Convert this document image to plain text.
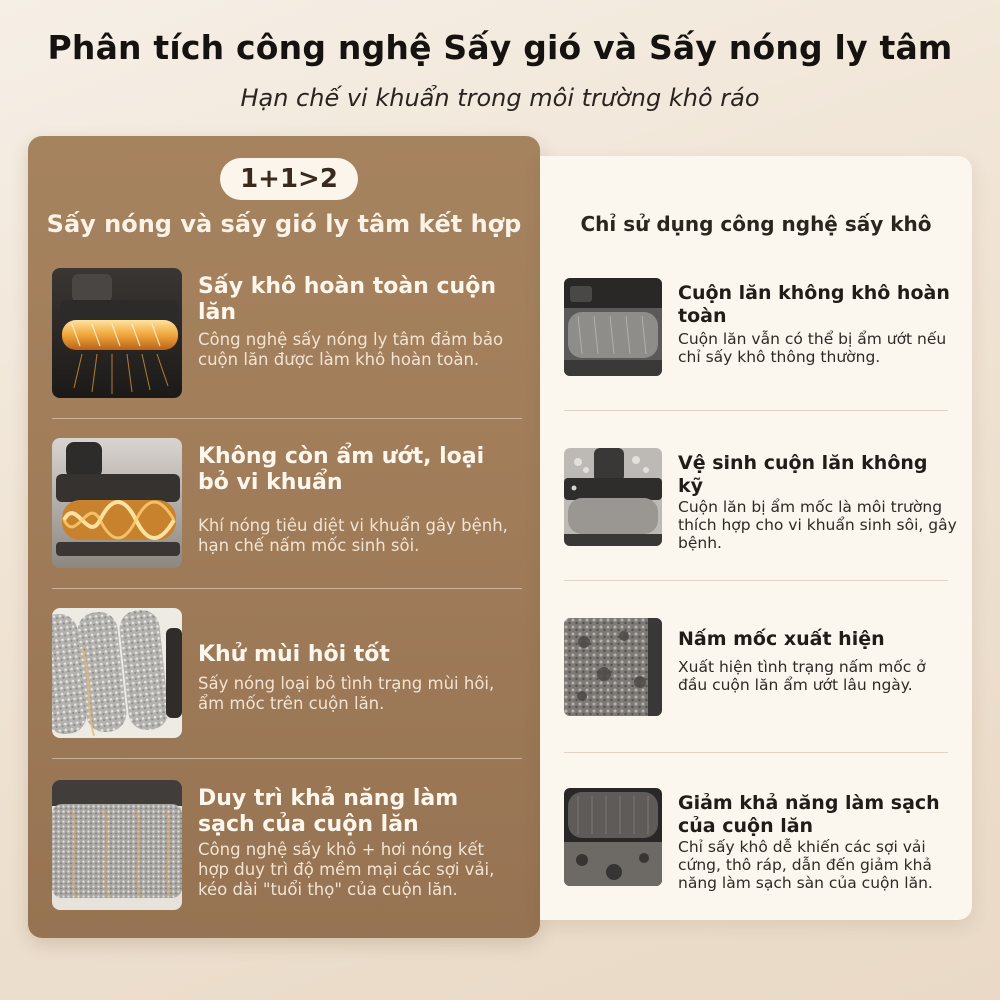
Phân tích công nghệ Sấy gió và Sấy nóng ly tâm
Hạn chế vi khuẩn trong môi trường khô ráo
1+1>2
Sấy nóng và sấy gió ly tâm kết hợp
Sấy khô hoàn toàn cuộn lăn
Công nghệ sấy nóng ly tâm đảm bảo cuộn lăn được làm khô hoàn toàn.
Không còn ẩm ướt, loại bỏ vi khuẩn
Khí nóng tiêu diệt vi khuẩn gây bệnh, hạn chế nấm mốc sinh sôi.
Khử mùi hôi tốt
Sấy nóng loại bỏ tình trạng mùi hôi, ẩm mốc trên cuộn lăn.
Duy trì khả năng làm sạch của cuộn lăn
Công nghệ sấy khô + hơi nóng kết hợp duy trì độ mềm mại các sợi vải, kéo dài "tuổi thọ" của cuộn lăn.
Chỉ sử dụng công nghệ sấy khô
Cuộn lăn không khô hoàn toàn
Cuộn lăn vẫn có thể bị ẩm ướt nếu chỉ sấy khô thông thường.
Vệ sinh cuộn lăn không kỹ
Cuộn lăn bị ẩm mốc là môi trường thích hợp cho vi khuẩn sinh sôi, gây bệnh.
Nấm mốc xuất hiện
Xuất hiện tình trạng nấm mốc ở đầu cuộn lăn ẩm ướt lâu ngày.
Giảm khả năng làm sạch của cuộn lăn
Chỉ sấy khô dễ khiến các sợi vải cứng, thô ráp, dẫn đến giảm khả năng làm sạch sàn của cuộn lăn.
